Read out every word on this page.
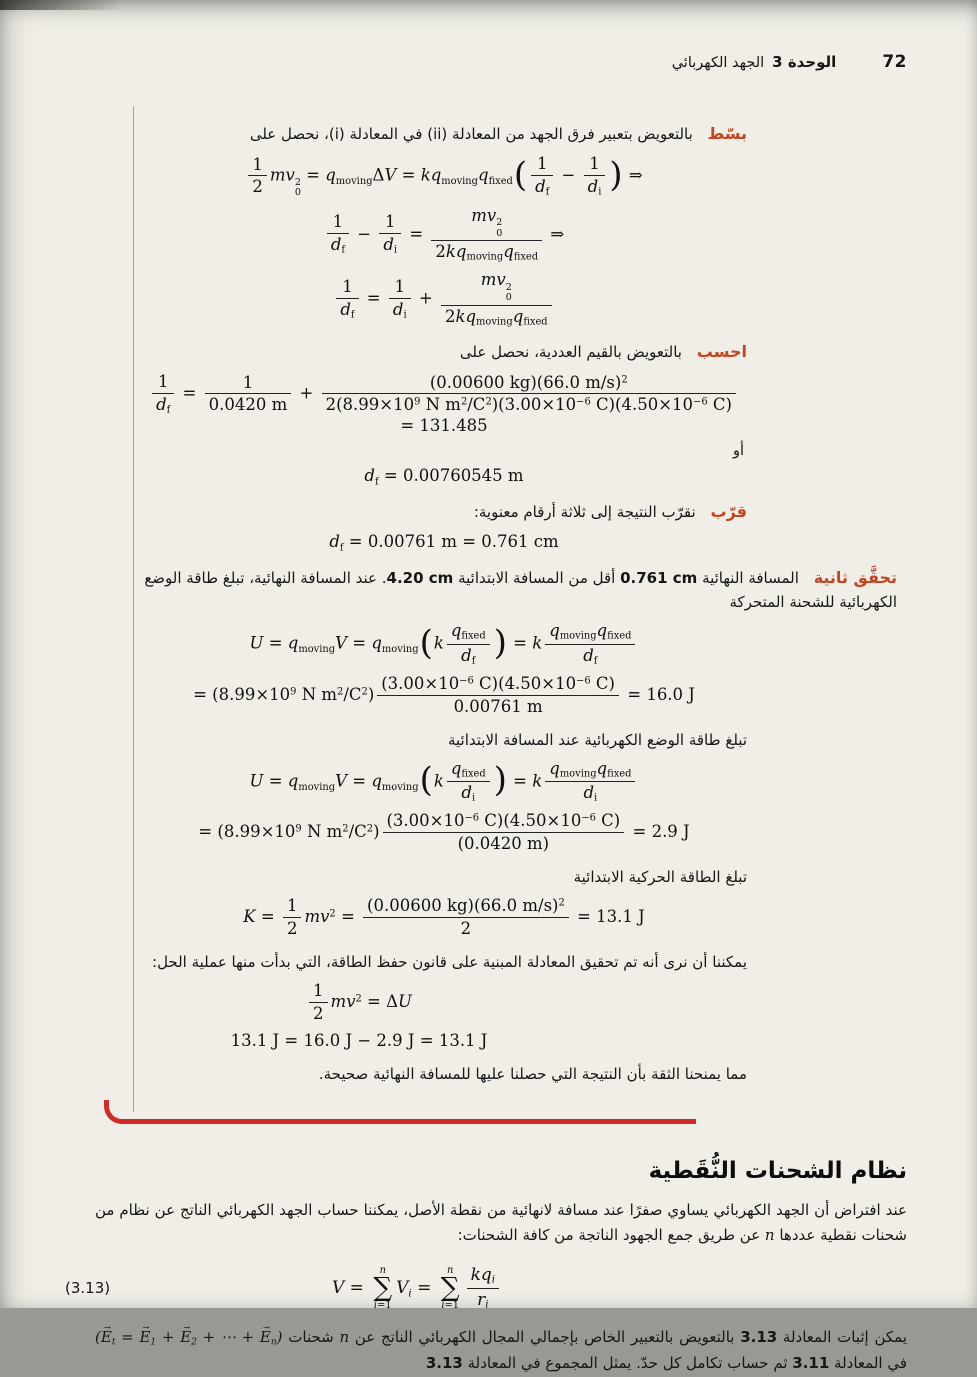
72
الوحدة 3الجهد الكهربائي

بسّط بالتعويض بتعبير فرق الجهد من المعادلة (ii) في المعادلة (i)، نحصل على

$\frac{1}{2}$ mv 2
0
= $q_{moving}\Delta V = kq_{moving}q_{fixed}( \frac{1}{d_f} - \frac{1}{d_i}$ ) ⇒
$\frac{1}{d_f} - \frac{1}{d_i}$ = mv 2
0
$2kq_{moving}q_{fixed}$ ⇒
$\frac{1}{d_f} = \frac{1}{d_i}$ + mv 2
0
$2kq_{moving}q_{fixed}$

احسب بالتعويض بالقيم العددية، نحصل على

$\frac{1}{d_f} = \frac{1}{0.0420 m} + \frac{(0.00600 kg)(66.0 m/s)^2}{2(8.99\times 10^9 N m^2/C^2)(3.00\times 10^{-6} C)(4.50\times 10^{-6} C)}$
= 131.485

أو

$d_f = 0.00760545$ m

قرّب نقرّب النتيجة إلى ثلاثة أرقام معنوية:

$d_f = 0.00761$ m = 0.761 cm

تحقَّق ثانية المسافة النهائية 0.761 cm أقل من المسافة الابتدائية 4.20 cm. عند المسافة النهائية، تبلغ طاقة الوضع الكهربائية للشحنة المتحركة

$U = q_{moving}V = q_{moving}(k \frac{q_{fixed}}{d_f}$ ) = k $\frac{q_{moving}q_{fixed}}{d_f}$
= ($8.99\times 10^9$ N $m^2/C^2) \frac{(3.00\times 10^{-6} C)(4.50\times 10^{-6} C)}{0.00761 m} = 16.0$ J

تبلغ طاقة الوضع الكهربائية عند المسافة الابتدائية

$U = q_{moving}V = q_{moving}(k \frac{q_{fixed}}{d_i}$ ) = k $\frac{q_{moving}q_{fixed}}{d_i}$
= ($8.99\times 10^9$ N $m^2/C^2) \frac{(3.00\times 10^{-6} C)(4.50\times 10^{-6} C)}{(0.0420 m)} = 2.9$ J

تبلغ الطاقة الحركية الابتدائية

$K = \frac{1}{2} mv^2 = \frac{(0.00600 kg)(66.0 m/s)^2}{2} = 13.1$ J

يمكننا أن نرى أنه تم تحقيق المعادلة المبنية على قانون حفظ الطاقة، التي بدأت منها عملية الحل:

$\frac{1}{2} mv^2 = \Delta U$
13.1 J = 16.0 J − 2.9 J = 13.1 J

مما يمنحنا الثقة بأن النتيجة التي حصلنا عليها للمسافة النهائية صحيحة.

نظام الشحنات النُّقَطية

عند افتراض أن الجهد الكهربائي يساوي صفرًا عند مسافة لانهائية من نقطة الأصل، يمكننا حساب الجهد الكهربائي الناتج عن نظام من شحنات نقطية عددها n عن طريق جمع الجهود الناتجة من كافة الشحنات:

(3.13)	V =
n
∑
i=1
$V_i$ =
n
∑
$i=1 \frac{kq_i}{r_i}$

يمكن إثبات المعادلة 3.13 بالتعويض بالتعبير الخاص بإجمالي المجال الكهربائي الناتج عن n شحنات ($E \to_t = E \to_1 + E \to_2$ + ⋯ + $E \to_n$) في المعادلة 3.11 ثم حساب تكامل كل حدّ. يمثل المجموع في المعادلة 3.13
